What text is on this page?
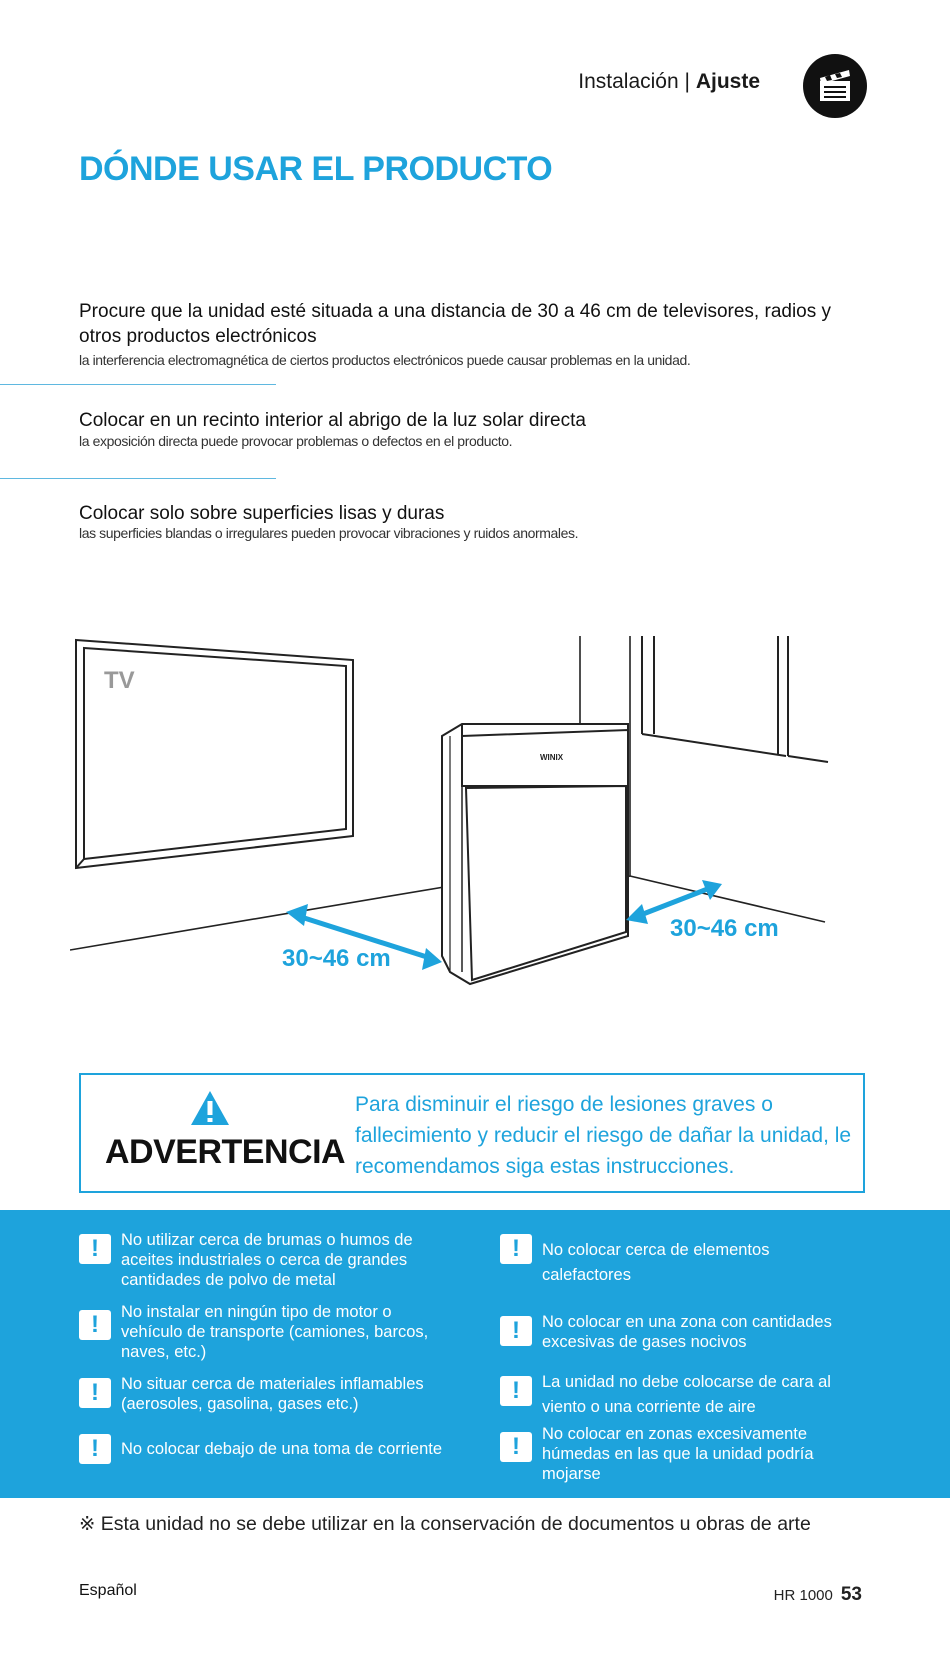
Instalación | Ajuste
DÓNDE USAR EL PRODUCTO
Procure que la unidad esté situada a una distancia de 30 a 46 cm de televisores, radios y otros productos electrónicos
la interferencia electromagnética de ciertos productos electrónicos puede causar problemas en la unidad.
Colocar en un recinto interior al abrigo de la luz solar directa
la exposición directa puede provocar problemas o defectos en el producto.
Colocar solo sobre superficies lisas y duras
las superficies blandas o irregulares pueden provocar vibraciones y ruidos anormales.
TV
WINIX
30~46 cm
30~46 cm
ADVERTENCIA
Para disminuir el riesgo de lesiones graves o fallecimiento y reducir el riesgo de dañar la unidad, le recomendamos siga estas instrucciones.
!	No utilizar cerca de brumas o humos de aceites industriales o cerca de grandes cantidades de polvo de metal
!	No instalar en ningún tipo de motor o vehículo de transporte (camiones, barcos, naves, etc.)
!	No situar cerca de materiales inflamables (aerosoles, gasolina, gases etc.)
!	No colocar debajo de una toma de corriente
!	No colocar cerca de elementos calefactores
!	No colocar en una zona con cantidades excesivas de gases nocivos
!	La unidad no debe colocarse de cara al viento o una corriente de aire
!	No colocar en zonas excesivamente húmedas en las que la unidad podría mojarse
※ Esta unidad no se debe utilizar en la conservación de documentos u obras de arte
Español	HR 1000 53
